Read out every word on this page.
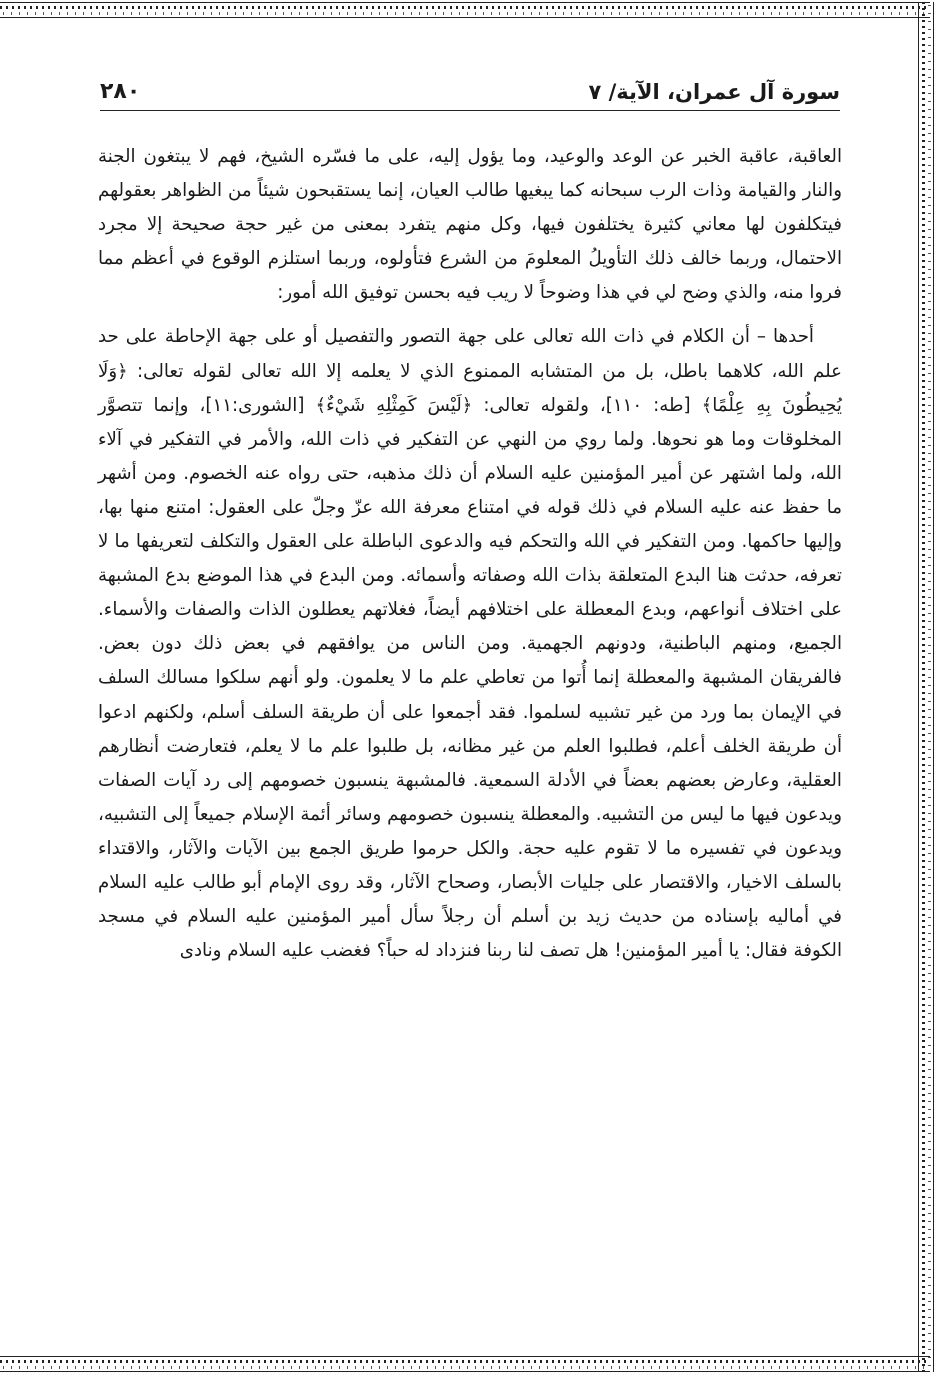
سورة آل عمران، الآية/ ٧
٢٨٠

العاقبة، عاقبة الخبر عن الوعد والوعيد، وما يؤول إليه، على ما فسّره الشيخ، فهم لا يبتغون الجنة والنار والقيامة وذات الرب سبحانه كما يبغيها طالب العيان، إنما يستقبحون شيئاً من الظواهر بعقولهم فيتكلفون لها معاني كثيرة يختلفون فيها، وكل منهم يتفرد بمعنى من غير حجة صحيحة إلا مجرد الاحتمال، وربما خالف ذلك التأويلُ المعلومَ من الشرع فتأولوه، وربما استلزم الوقوع في أعظم مما فروا منه، والذي وضح لي في هذا وضوحاً لا ريب فيه بحسن توفيق الله أمور:

أحدها – أن الكلام في ذات الله تعالى على جهة التصور والتفصيل أو على جهة الإحاطة على حد علم الله، كلاهما باطل، بل من المتشابه الممنوع الذي لا يعلمه إلا الله تعالى لقوله تعالى: ﴿وَلَا يُحِيطُونَ بِهِ عِلْمًا﴾ [طه: ١١٠]، ولقوله تعالى: ﴿لَيْسَ كَمِثْلِهِ شَيْءٌ﴾ [الشورى:١١]، وإنما تتصوَّر المخلوقات وما هو نحوها. ولما روي من النهي عن التفكير في ذات الله، والأمر في التفكير في آلاء الله، ولما اشتهر عن أمير المؤمنين عليه السلام أن ذلك مذهبه، حتى رواه عنه الخصوم. ومن أشهر ما حفظ عنه عليه السلام في ذلك قوله في امتناع معرفة الله عزّ وجلّ على العقول: امتنع منها بها، وإليها حاكمها. ومن التفكير في الله والتحكم فيه والدعوى الباطلة على العقول والتكلف لتعريفها ما لا تعرفه، حدثت هنا البدع المتعلقة بذات الله وصفاته وأسمائه. ومن البدع في هذا الموضع بدع المشبهة على اختلاف أنواعهم، وبدع المعطلة على اختلافهم أيضاً، فغلاتهم يعطلون الذات والصفات والأسماء. الجميع، ومنهم الباطنية، ودونهم الجهمية. ومن الناس من يوافقهم في بعض ذلك دون بعض. فالفريقان المشبهة والمعطلة إنما أُتوا من تعاطي علم ما لا يعلمون. ولو أنهم سلكوا مسالك السلف في الإيمان بما ورد من غير تشبيه لسلموا. فقد أجمعوا على أن طريقة السلف أسلم، ولكنهم ادعوا أن طريقة الخلف أعلم، فطلبوا العلم من غير مظانه، بل طلبوا علم ما لا يعلم، فتعارضت أنظارهم العقلية، وعارض بعضهم بعضاً في الأدلة السمعية. فالمشبهة ينسبون خصومهم إلى رد آيات الصفات ويدعون فيها ما ليس من التشبيه. والمعطلة ينسبون خصومهم وسائر أئمة الإسلام جميعاً إلى التشبيه، ويدعون في تفسيره ما لا تقوم عليه حجة. والكل حرموا طريق الجمع بين الآيات والآثار، والاقتداء بالسلف الاخيار، والاقتصار على جليات الأبصار، وصحاح الآثار، وقد روى الإمام أبو طالب عليه السلام في أماليه بإسناده من حديث زيد بن أسلم أن رجلاً سأل أمير المؤمنين عليه السلام في مسجد الكوفة فقال: يا أمير المؤمنين! هل تصف لنا ربنا فنزداد له حباً؟ فغضب عليه السلام ونادى
